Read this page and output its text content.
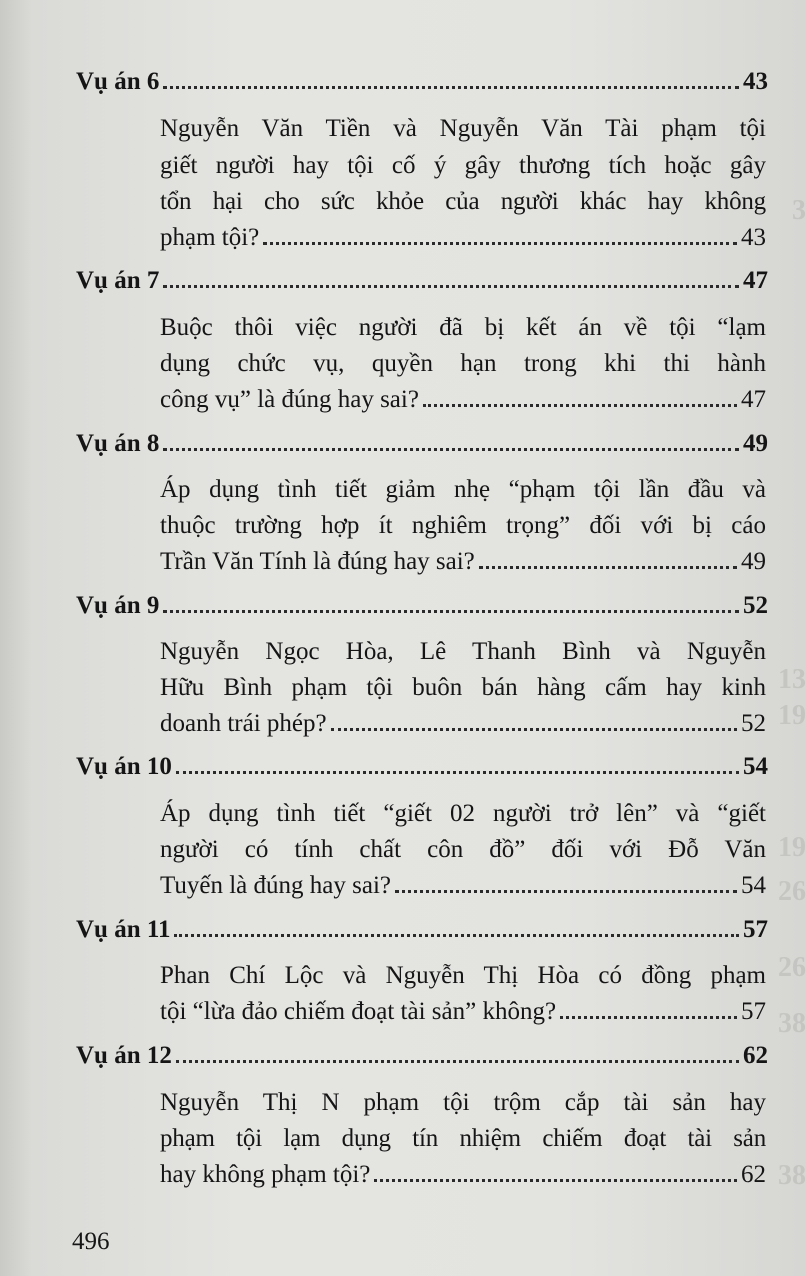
3
13
19
19
26
26
38
38
Vụ án 6	43
Nguyễn Văn Tiền và Nguyễn Văn Tài phạm tội
giết người hay tội cố ý gây thương tích hoặc gây
tổn hại cho sức khỏe của người khác hay không
phạm tội?	43
Vụ án 7	47
Buộc thôi việc người đã bị kết án về tội “lạm
dụng chức vụ, quyền hạn trong khi thi hành
công vụ” là đúng hay sai?	47
Vụ án 8	49
Áp dụng tình tiết giảm nhẹ “phạm tội lần đầu và
thuộc trường hợp ít nghiêm trọng” đối với bị cáo
Trần Văn Tính là đúng hay sai?	49
Vụ án 9	52
Nguyễn Ngọc Hòa, Lê Thanh Bình và Nguyễn
Hữu Bình phạm tội buôn bán hàng cấm hay kinh
doanh trái phép?	52
Vụ án 10	54
Áp dụng tình tiết “giết 02 người trở lên” và “giết
người có tính chất côn đồ” đối với Đỗ Văn
Tuyến là đúng hay sai?	54
Vụ án 11	57
Phan Chí Lộc và Nguyễn Thị Hòa có đồng phạm
tội “lừa đảo chiếm đoạt tài sản” không?	57
Vụ án 12	62
Nguyễn Thị N phạm tội trộm cắp tài sản hay
phạm tội lạm dụng tín nhiệm chiếm đoạt tài sản
hay không phạm tội?	62
496
